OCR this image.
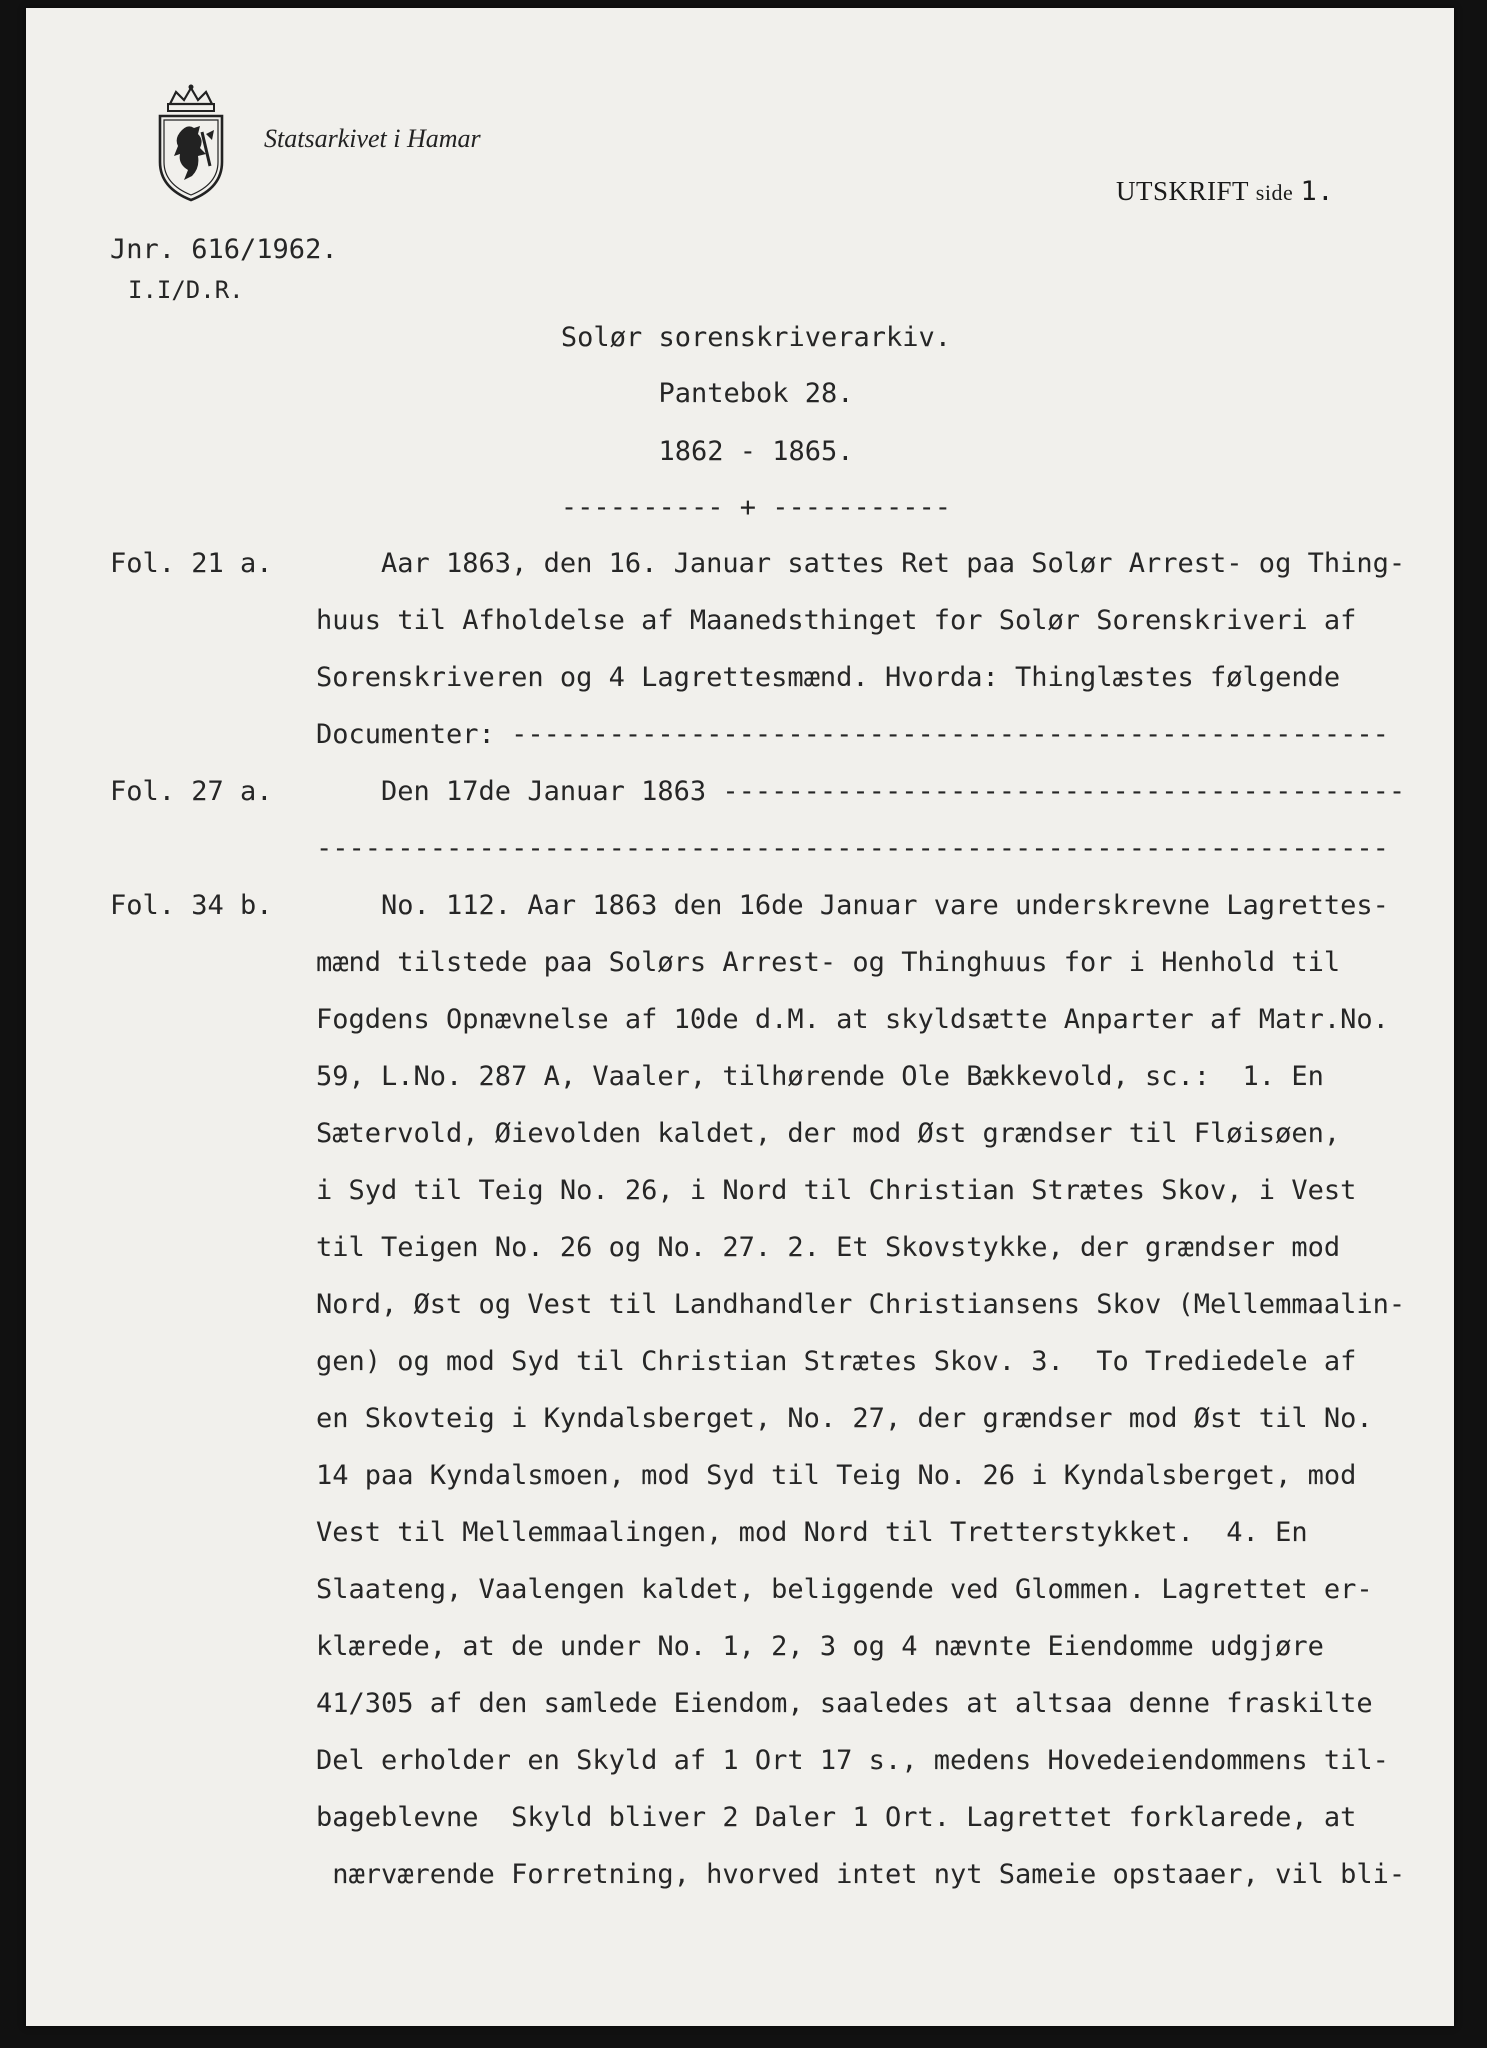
Statsarkivet i Hamar
UTSKRIFT side 1.
Jnr. 616/1962.
I.I/D.R.
Solør sorenskriverarkiv.
Pantebok 28.
1862 - 1865.
---------- + -----------
Fol. 21 a. Aar 1863, den 16. Januar sattes Ret paa Solør Arrest- og Thing-
huus til Afholdelse af Maanedsthinget for Solør Sorenskriveri af
Sorenskriveren og 4 Lagrettesmænd. Hvorda: Thinglæstes følgende
Documenter: ------------------------------------------------------
Fol. 27 a. Den 17de Januar 1863 ------------------------------------------
------------------------------------------------------------------
Fol. 34 b. No. 112. Aar 1863 den 16de Januar vare underskrevne Lagrettes-
mænd tilstede paa Solørs Arrest- og Thinghuus for i Henhold til
Fogdens Opnævnelse af 10de d.M. at skyldsætte Anparter af Matr.No.
59, L.No. 287 A, Vaaler, tilhørende Ole Bækkevold, sc.:  1. En
Sætervold, Øievolden kaldet, der mod Øst grændser til Fløisøen,
i Syd til Teig No. 26, i Nord til Christian Strætes Skov, i Vest
til Teigen No. 26 og No. 27. 2. Et Skovstykke, der grændser mod
Nord, Øst og Vest til Landhandler Christiansens Skov (Mellemmaalin-
gen) og mod Syd til Christian Strætes Skov. 3.  To Trediedele af
en Skovteig i Kyndalsberget, No. 27, der grændser mod Øst til No.
14 paa Kyndalsmoen, mod Syd til Teig No. 26 i Kyndalsberget, mod
Vest til Mellemmaalingen, mod Nord til Tretterstykket.  4. En
Slaateng, Vaalengen kaldet, beliggende ved Glommen. Lagrettet er-
klærede, at de under No. 1, 2, 3 og 4 nævnte Eiendomme udgjøre
41/305 af den samlede Eiendom, saaledes at altsaa denne fraskilte
Del erholder en Skyld af 1 Ort 17 s., medens Hovedeiendommens til-
bageblevne  Skyld bliver 2 Daler 1 Ort. Lagrettet forklarede, at
nærværende Forretning, hvorved intet nyt Sameie opstaaer, vil bli-
